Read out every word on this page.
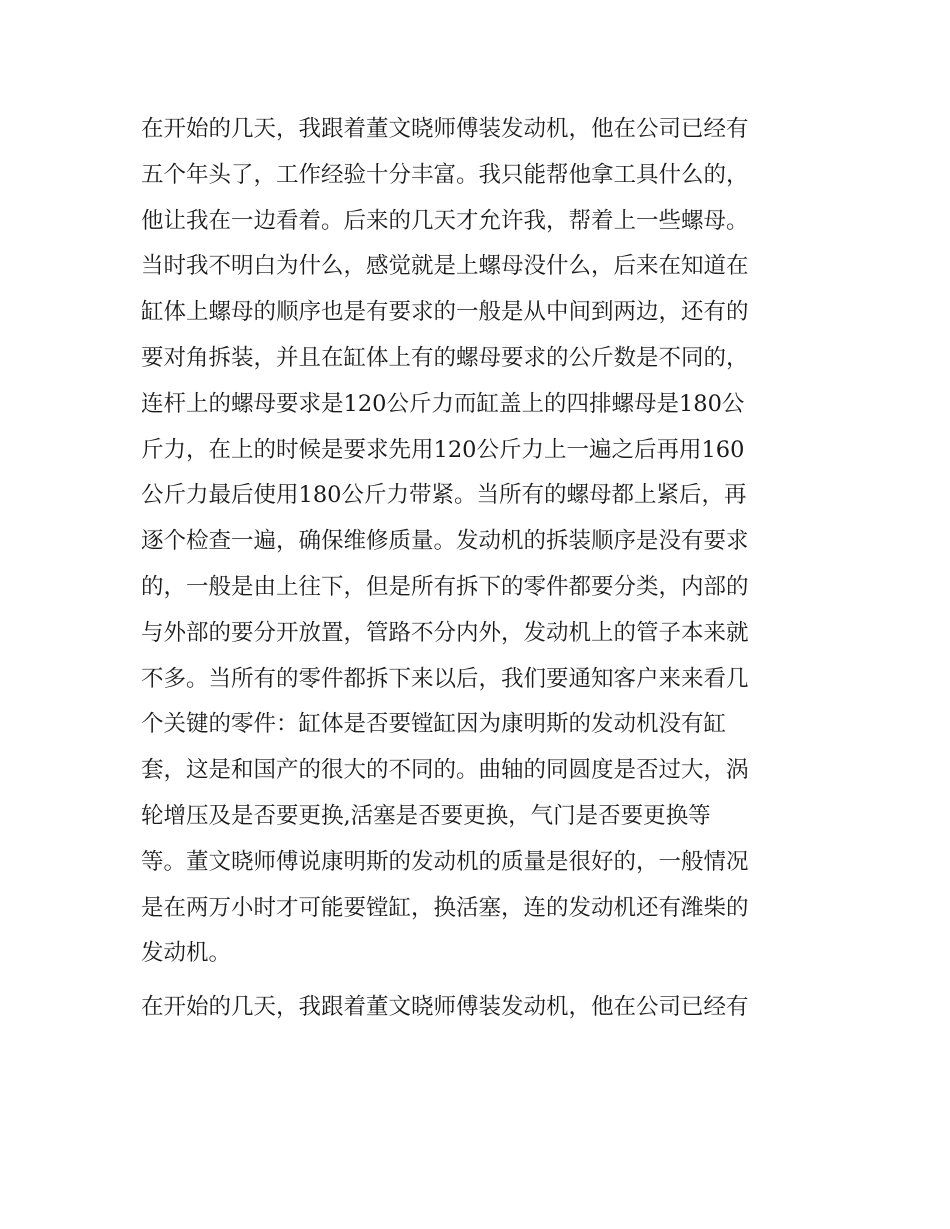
在开始的几天，我跟着董文晓师傅装发动机，他在公司已经有
五个年头了，工作经验十分丰富。我只能帮他拿工具什么的，
他让我在一边看着。后来的几天才允许我，帮着上一些螺母。
当时我不明白为什么，感觉就是上螺母没什么，后来在知道在
缸体上螺母的顺序也是有要求的一般是从中间到两边，还有的
要对角拆装，并且在缸体上有的螺母要求的公斤数是不同的，
连杆上的螺母要求是120公斤力而缸盖上的四排螺母是180公
斤力，在上的时候是要求先用120公斤力上一遍之后再用160
公斤力最后使用180公斤力带紧。当所有的螺母都上紧后，再
逐个检查一遍，确保维修质量。发动机的拆装顺序是没有要求
的，一般是由上往下，但是所有拆下的零件都要分类，内部的
与外部的要分开放置，管路不分内外，发动机上的管子本来就
不多。当所有的零件都拆下来以后，我们要通知客户来来看几
个关键的零件：缸体是否要镗缸因为康明斯的发动机没有缸
套，这是和国产的很大的不同的。曲轴的同圆度是否过大，涡
轮增压及是否要更换,活塞是否要更换，气门是否要更换等
等。董文晓师傅说康明斯的发动机的质量是很好的，一般情况
是在两万小时才可能要镗缸，换活塞，连的发动机还有潍柴的
发动机。
在开始的几天，我跟着董文晓师傅装发动机，他在公司已经有
